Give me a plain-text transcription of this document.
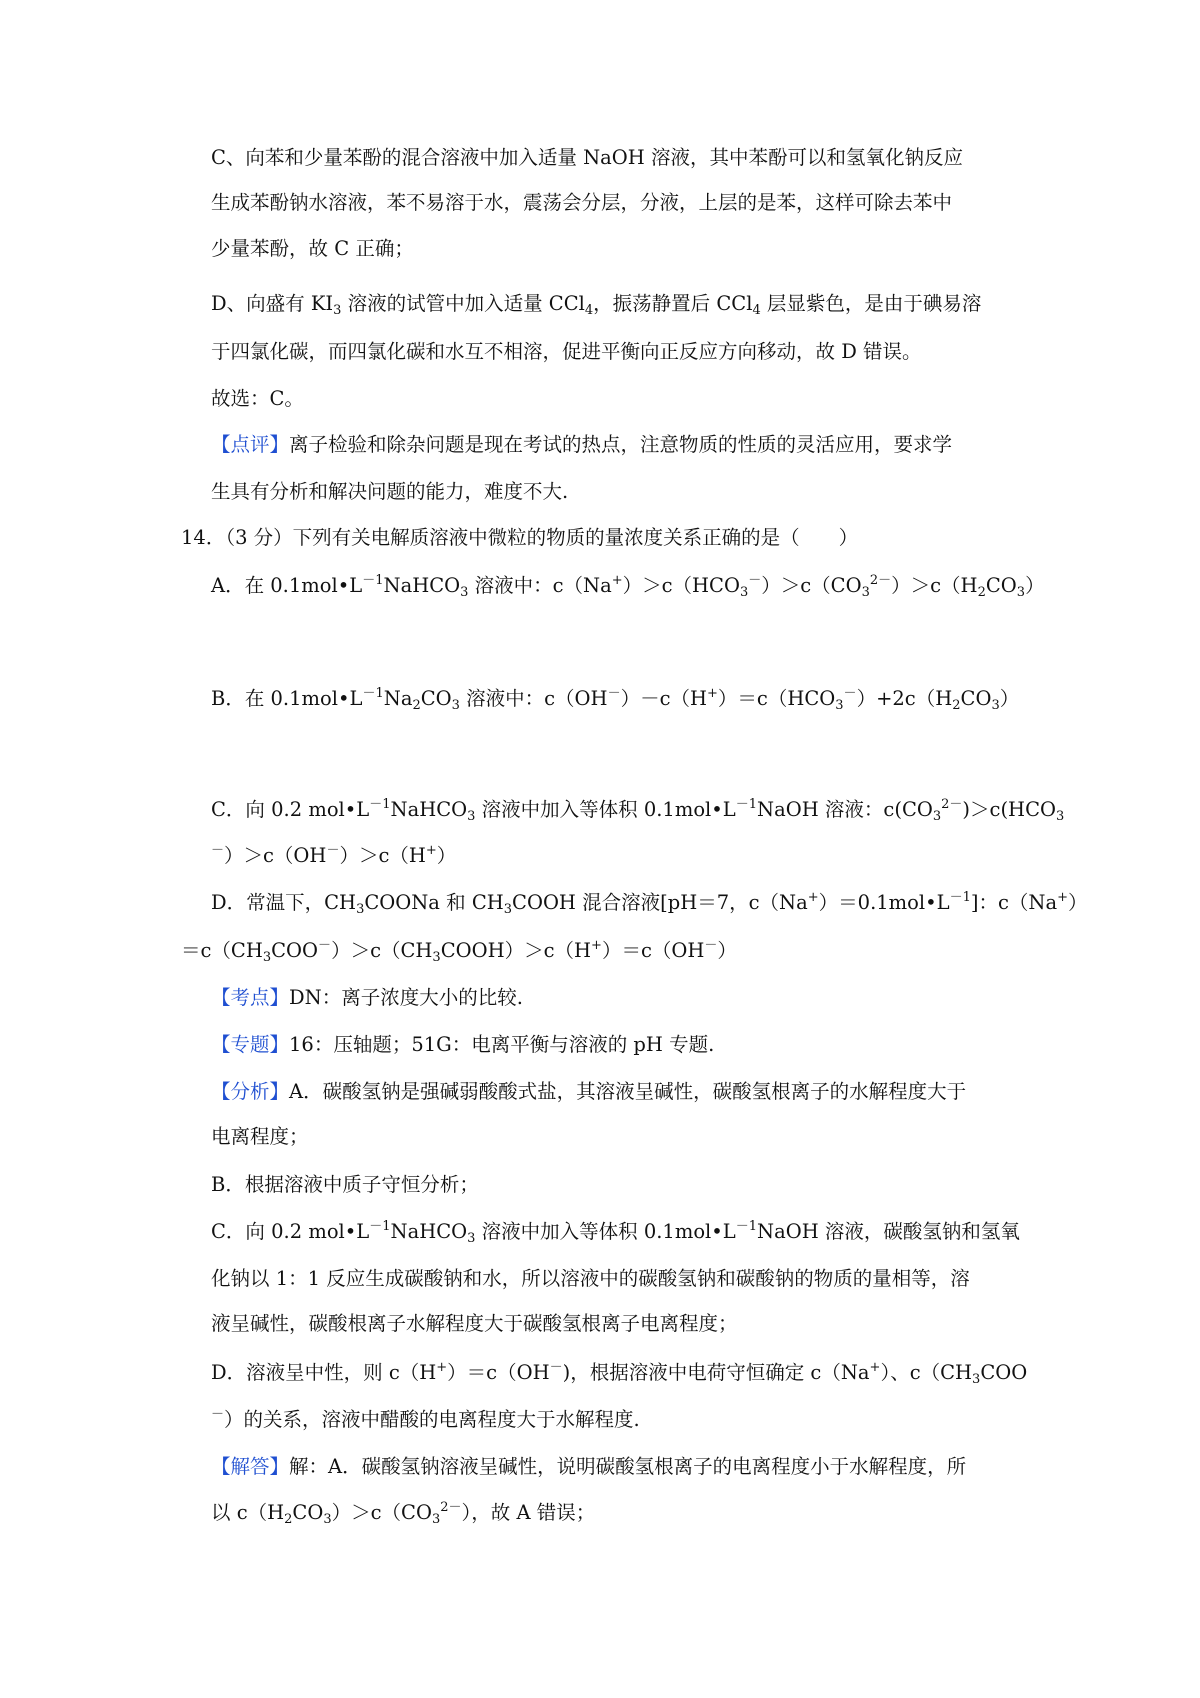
C、向苯和少量苯酚的混合溶液中加入适量 NaOH 溶液，其中苯酚可以和氢氧化钠反应
生成苯酚钠水溶液，苯不易溶于水，震荡会分层，分液，上层的是苯，这样可除去苯中
少量苯酚，故 C 正确；
D、向盛有 $KI_3$ 溶液的试管中加入适量 CCl$_4$，振荡静置后 CCl$_4$ 层显紫色，是由于碘易溶
于四氯化碳，而四氯化碳和水互不相溶，促进平衡向正反应方向移动，故 D 错误。
故选：C。
【点评】离子检验和除杂问题是现在考试的热点，注意物质的性质的灵活应用，要求学
生具有分析和解决问题的能力，难度不大.
14．（3 分）下列有关电解质溶液中微粒的物质的量浓度关系正确的是（　　）
A．在 $0.1mol•L^{-1}NaHCO_3$ 溶液中：$c(Na^+)>c(HCO_3^-)>c(CO_3^{2-})>c(H_2CO_3)$
B．在 $0.1mol•L^{-1}Na_2CO_3$ 溶液中：$c(OH^-)-c(H^+)=c(HCO_3^-)+2c(H_2CO_3)$
C．向 0.2 $mol•L^{-1}NaHCO_3$ 溶液中加入等体积 $0.1mol•L^{-1}NaOH$ 溶液：$c(CO_3^{2-})>c(HCO_3$
－）＞c（OH－）＞c（H+）
D．常温下，$CH_3COONa$ 和 $CH_3COOH$ 混合溶液[pH＝7，$c(Na^+)=0.1mol•L^{-1}$]：c（Na+）
$=c(CH_3COO^-)>c(CH_3COOH)>c(H^+)=c(OH^-)$
【考点】DN：离子浓度大小的比较.
【专题】16：压轴题；51G：电离平衡与溶液的 pH 专题.
【分析】A．碳酸氢钠是强碱弱酸酸式盐，其溶液呈碱性，碳酸氢根离子的水解程度大于
电离程度；
B．根据溶液中质子守恒分析；
C．向 0.2 $mol•L^{-1}NaHCO_3$ 溶液中加入等体积 $0.1mol•L^{-1}NaOH$ 溶液，碳酸氢钠和氢氧
化钠以 1：1 反应生成碳酸钠和水，所以溶液中的碳酸氢钠和碳酸钠的物质的量相等，溶
液呈碱性，碳酸根离子水解程度大于碳酸氢根离子电离程度；
D．溶液呈中性，则 c（H+）＝c（OH－)，根据溶液中电荷守恒确定 c（Na+）、$c(CH_3COO$
－）的关系，溶液中醋酸的电离程度大于水解程度.
【解答】解：A．碳酸氢钠溶液呈碱性，说明碳酸氢根离子的电离程度小于水解程度，所
以 $c(H_2CO_3)>c(CO_3^{2-})$，故 A 错误；
